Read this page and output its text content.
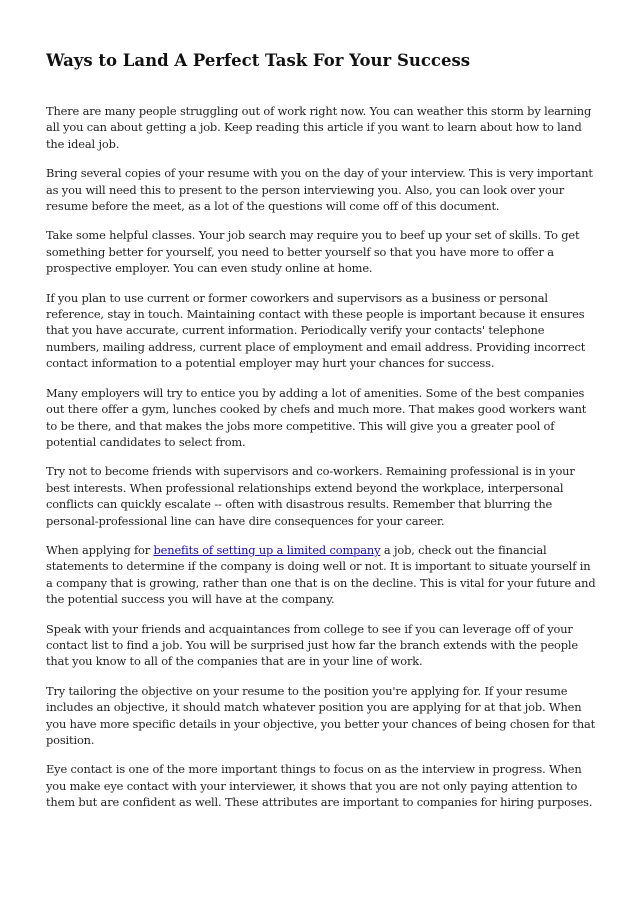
Ways to Land A Perfect Task For Your Success

There are many people struggling out of work right now. You can weather this storm by learning all you can about getting a job. Keep reading this article if you want to learn about how to land the ideal job.

Bring several copies of your resume with you on the day of your interview. This is very important as you will need this to present to the person interviewing you. Also, you can look over your resume before the meet, as a lot of the questions will come off of this document.

Take some helpful classes. Your job search may require you to beef up your set of skills. To get something better for yourself, you need to better yourself so that you have more to offer a prospective employer. You can even study online at home.

If you plan to use current or former coworkers and supervisors as a business or personal reference, stay in touch. Maintaining contact with these people is important because it ensures that you have accurate, current information. Periodically verify your contacts' telephone numbers, mailing address, current place of employment and email address. Providing incorrect contact information to a potential employer may hurt your chances for success.

Many employers will try to entice you by adding a lot of amenities. Some of the best companies out there offer a gym, lunches cooked by chefs and much more. That makes good workers want to be there, and that makes the jobs more competitive. This will give you a greater pool of potential candidates to select from.

Try not to become friends with supervisors and co-workers. Remaining professional is in your best interests. When professional relationships extend beyond the workplace, interpersonal conflicts can quickly escalate -- often with disastrous results. Remember that blurring the personal-professional line can have dire consequences for your career.

When applying for benefits of setting up a limited company a job, check out the financial statements to determine if the company is doing well or not. It is important to situate yourself in a company that is growing, rather than one that is on the decline. This is vital for your future and the potential success you will have at the company.

Speak with your friends and acquaintances from college to see if you can leverage off of your contact list to find a job. You will be surprised just how far the branch extends with the people that you know to all of the companies that are in your line of work.

Try tailoring the objective on your resume to the position you're applying for. If your resume includes an objective, it should match whatever position you are applying for at that job. When you have more specific details in your objective, you better your chances of being chosen for that position.

Eye contact is one of the more important things to focus on as the interview in progress. When you make eye contact with your interviewer, it shows that you are not only paying attention to them but are confident as well. These attributes are important to companies for hiring purposes.
